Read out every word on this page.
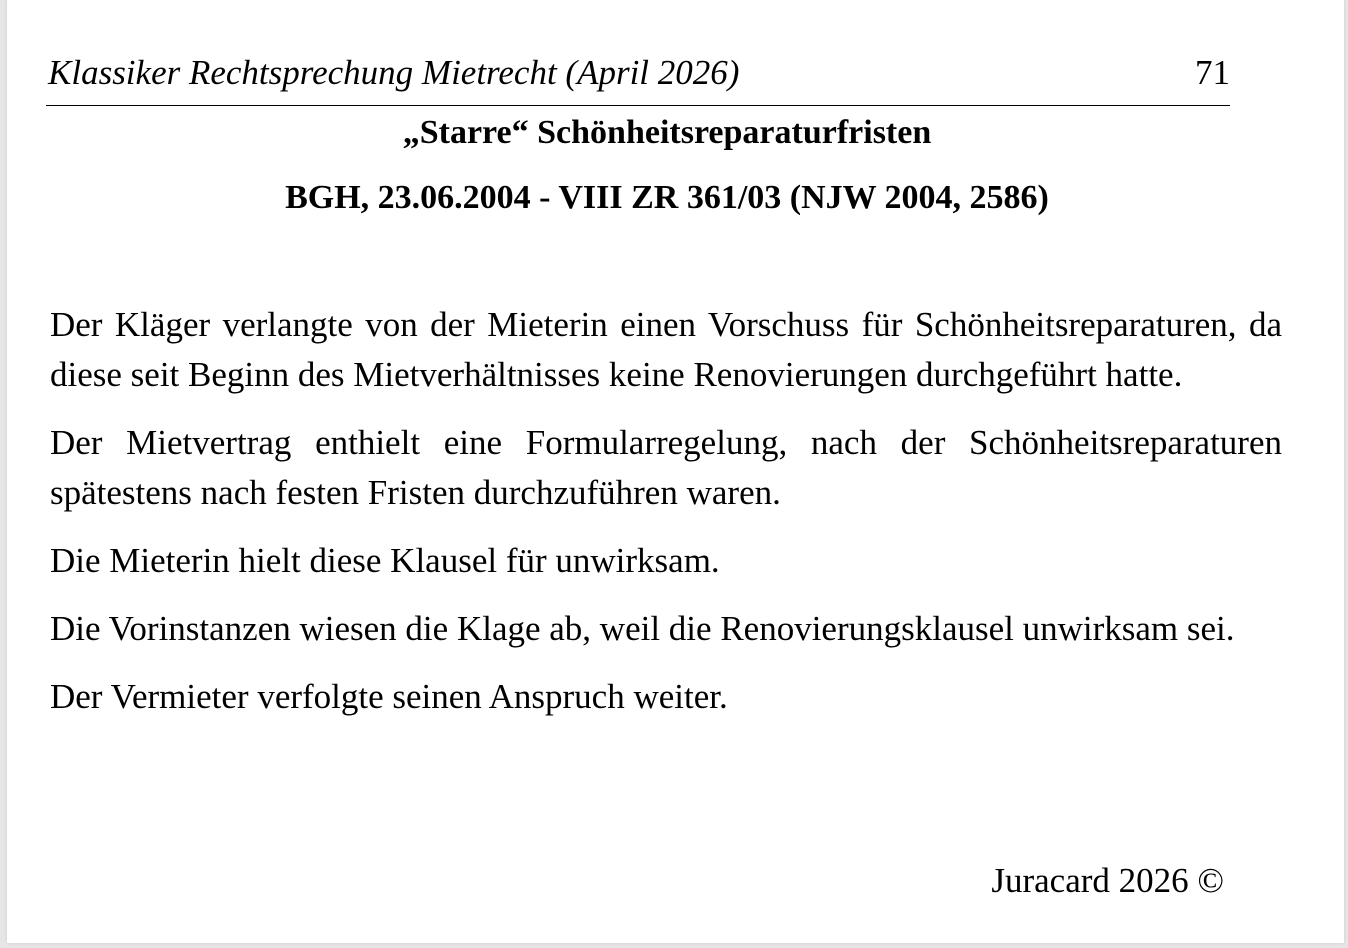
Klassiker Rechtsprechung Mietrecht (April 2026)	71
„Starre“ Schönheitsreparaturfristen
BGH, 23.06.2004 - VIII ZR 361/03 (NJW 2004, 2586)

Der Kläger verlangte von der Mieterin einen Vorschuss für Schönheitsreparaturen, da diese seit Beginn des Mietverhältnisses keine Renovierungen durchgeführt hatte.

Der Mietvertrag enthielt eine Formularregelung, nach der Schönheitsreparaturen spätestens nach festen Fristen durchzuführen waren.

Die Mieterin hielt diese Klausel für unwirksam.

Die Vorinstanzen wiesen die Klage ab, weil die Renovierungsklausel unwirksam sei.

Der Vermieter verfolgte seinen Anspruch weiter.

Juracard 2026 ©
